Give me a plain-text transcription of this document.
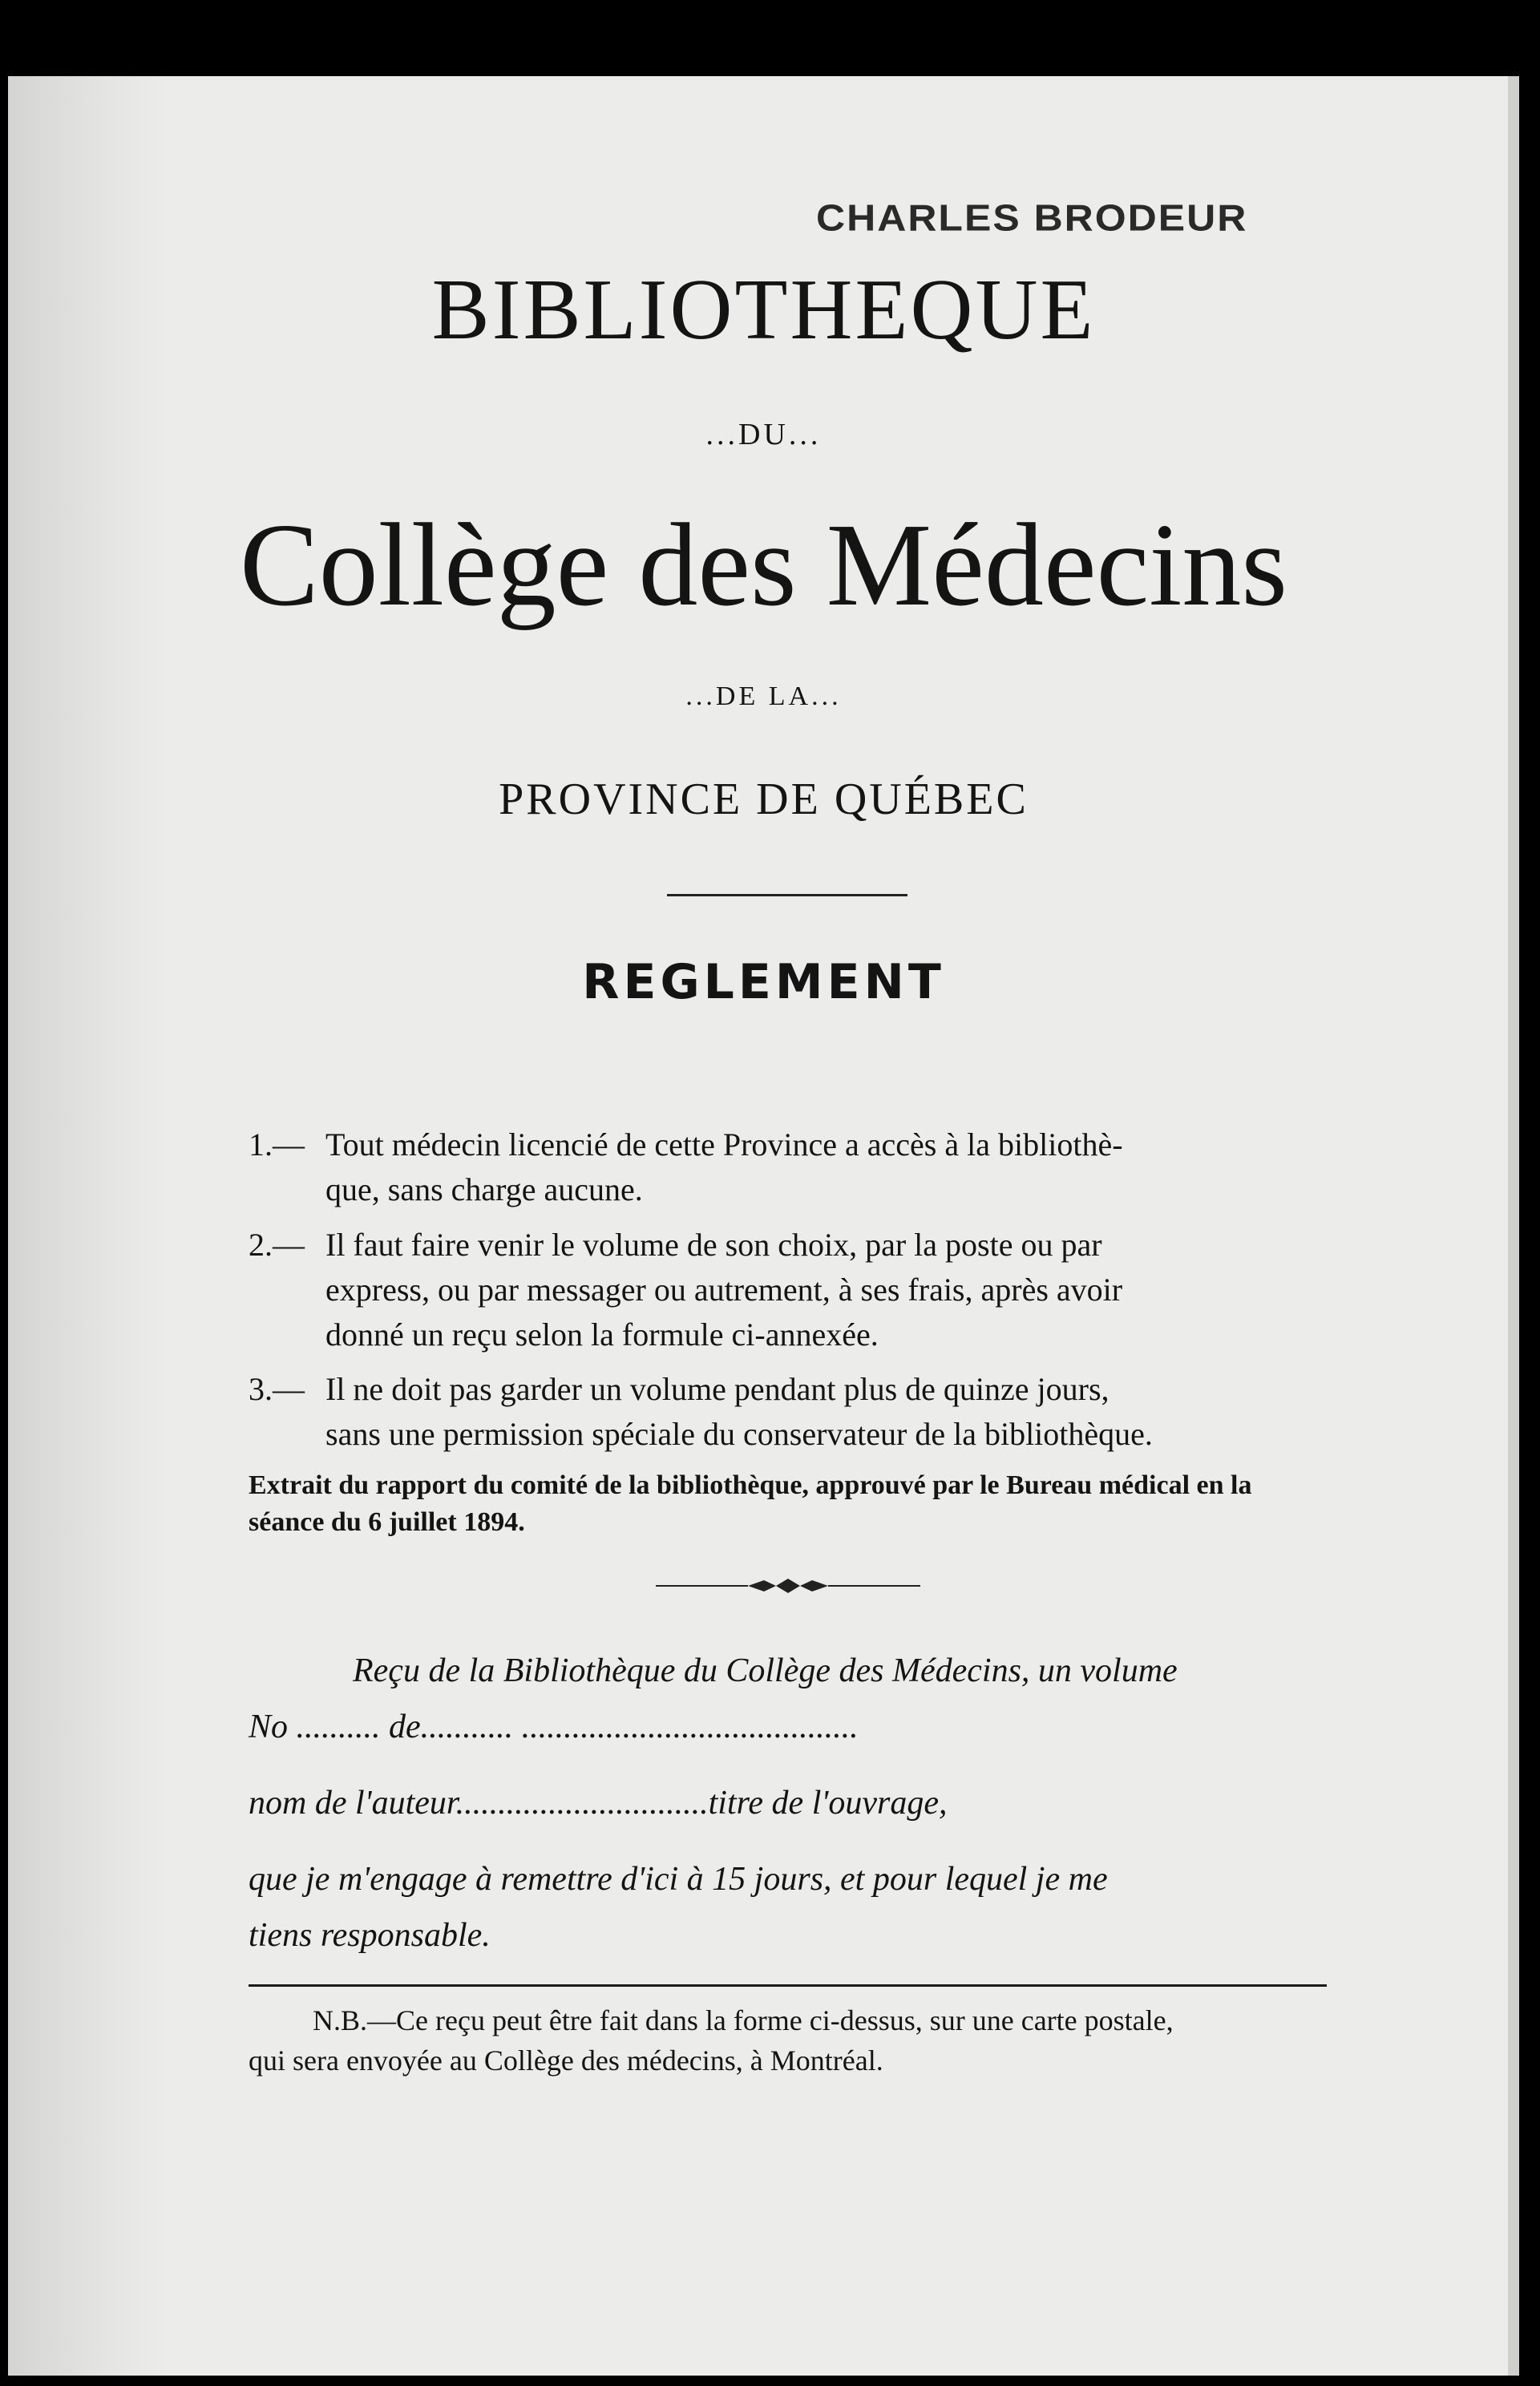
CHARLES BRODEUR
BIBLIOTHEQUE
...DU...
Collège des Médecins
...DE LA...
PROVINCE DE QUÉBEC
REGLEMENT
1.— Tout médecin licencié de cette Province a accès à la bibliothè-
que, sans charge aucune.
2.— Il faut faire venir le volume de son choix, par la poste ou par
express, ou par messager ou autrement, à ses frais, après avoir
donné un reçu selon la formule ci-annexée.
3.— Il ne doit pas garder un volume pendant plus de quinze jours,
sans une permission spéciale du conservateur de la bibliothèque.
Extrait du rapport du comité de la bibliothèque, approuvé par le Bureau médical en la séance du 6 juillet 1894.
Reçu de la Bibliothèque du Collège des Médecins, un volume
No .......... de........... ........................................
nom de l'auteur..............................titre de l'ouvrage,
que je m'engage à remettre d'ici à 15 jours, et pour lequel je me
tiens responsable.
N.B.—Ce reçu peut être fait dans la forme ci-dessus, sur une carte postale,
qui sera envoyée au Collège des médecins, à Montréal.
